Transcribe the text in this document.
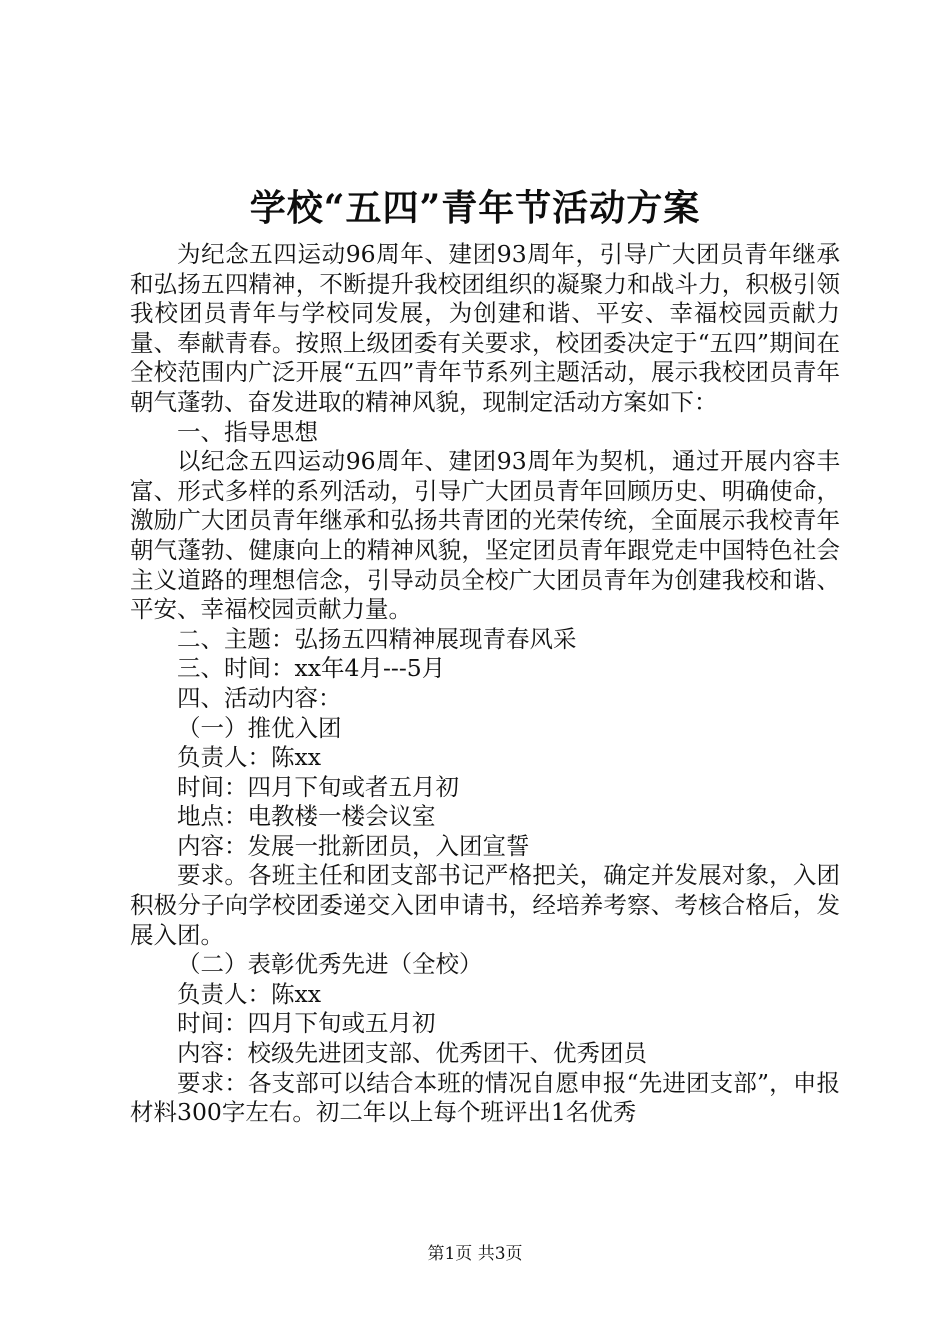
学校“五四”青年节活动方案

为纪念五四运动96周年、建团93周年，引导广大团员青年继承和弘扬五四精神，不断提升我校团组织的凝聚力和战斗力，积极引领我校团员青年与学校同发展，为创建和谐、平安、幸福校园贡献力量、奉献青春。按照上级团委有关要求，校团委决定于“五四”期间在全校范围内广泛开展“五四”青年节系列主题活动，展示我校团员青年朝气蓬勃、奋发进取的精神风貌，现制定活动方案如下：

一、指导思想

以纪念五四运动96周年、建团93周年为契机，通过开展内容丰富、形式多样的系列活动，引导广大团员青年回顾历史、明确使命，激励广大团员青年继承和弘扬共青团的光荣传统，全面展示我校青年朝气蓬勃、健康向上的精神风貌，坚定团员青年跟党走中国特色社会主义道路的理想信念，引导动员全校广大团员青年为创建我校和谐、平安、幸福校园贡献力量。

二、主题：弘扬五四精神展现青春风采

三、时间：xx年4月---5月

四、活动内容：

（一）推优入团

负责人：陈xx

时间：四月下旬或者五月初

地点：电教楼一楼会议室

内容：发展一批新团员，入团宣誓

要求。各班主任和团支部书记严格把关，确定并发展对象，入团积极分子向学校团委递交入团申请书，经培养考察、考核合格后，发展入团。

（二）表彰优秀先进（全校）

负责人：陈xx

时间：四月下旬或五月初

内容：校级先进团支部、优秀团干、优秀团员

要求：各支部可以结合本班的情况自愿申报“先进团支部”，申报材料300字左右。初二年以上每个班评出1名优秀

第1页 共3页
